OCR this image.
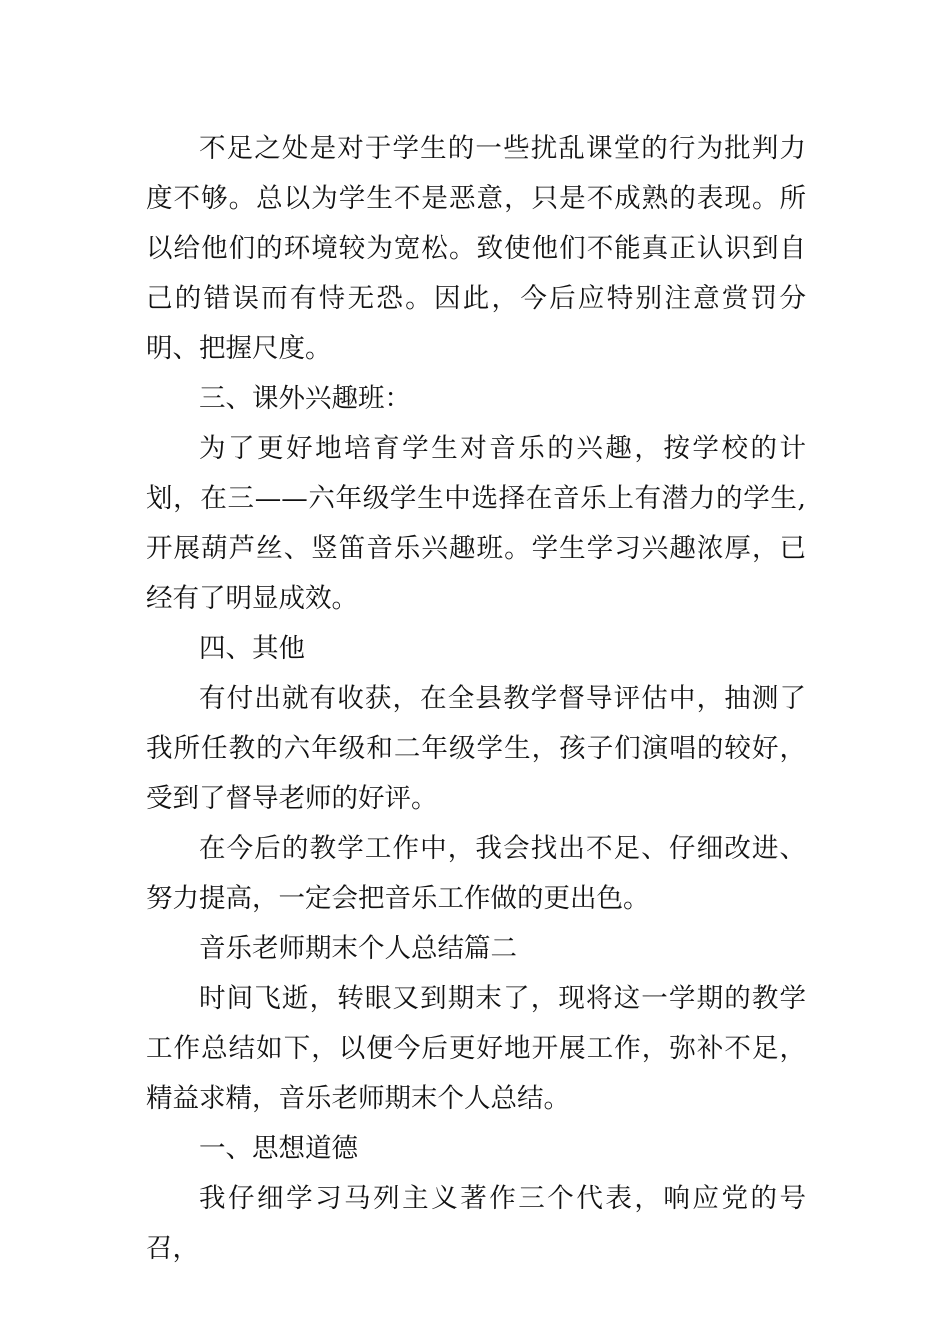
不足之处是对于学生的一些扰乱课堂的行为批判力度不够。总以为学生不是恶意，只是不成熟的表现。所以给他们的环境较为宽松。致使他们不能真正认识到自己的错误而有恃无恐。因此，今后应特别注意赏罚分明、把握尺度。

三、课外兴趣班：

为了更好地培育学生对音乐的兴趣，按学校的计划，在三——六年级学生中选择在音乐上有潜力的学生,开展葫芦丝、竖笛音乐兴趣班。学生学习兴趣浓厚，已经有了明显成效。

四、其他

有付出就有收获，在全县教学督导评估中，抽测了我所任教的六年级和二年级学生，孩子们演唱的较好，受到了督导老师的好评。

在今后的教学工作中，我会找出不足、仔细改进、努力提高，一定会把音乐工作做的更出色。

音乐老师期末个人总结篇二

时间飞逝，转眼又到期末了，现将这一学期的教学工作总结如下，以便今后更好地开展工作，弥补不足，精益求精，音乐老师期末个人总结。

一、思想道德

我仔细学习马列主义著作三个代表，响应党的号召，
